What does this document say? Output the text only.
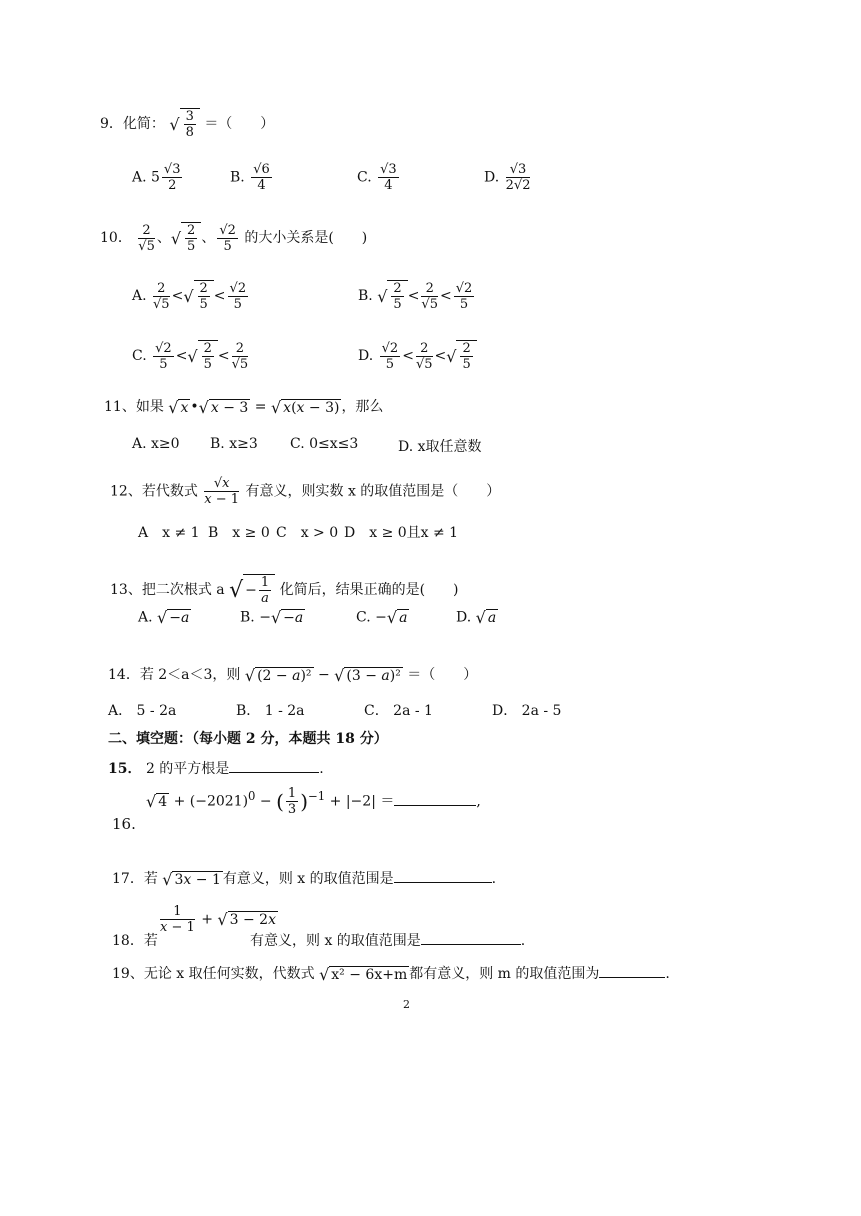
9．化简： √ $\frac{3}{8}$ ＝（　　）
A. $5 \frac{√3}{2}$	B. $\frac{√6}{4}$	C. $\frac{√3}{4}$	D. $\frac{√3}{2√2}$
10． $\frac{2}{√5}$ 、√ $\frac{2}{5}$ 、 $\frac{√2}{5}$ 的大小关系是(　　)
A. $\frac{2}{√5}$ <√ $\frac{2}{5} < \frac{√2}{5}$	B. √ $\frac{2}{5} < \frac{2}{√5} < \frac{√2}{5}$
C. $\frac{√2}{5}$ <√ $\frac{2}{5} < \frac{2}{√5}$	D. $\frac{√2}{5} < \frac{2}{√5}$ <√ $\frac{2}{5}$
11、如果 √ x •√ x − 3 = √ x(x − 3) ，那么
A. x≥0 B. x≥3 C. 0≤x≤3	D. x取任意数
12、若代数式 $\frac{√x}{x - 1}$ 有意义，则实数 x 的取值范围是（　　）
A　x ≠ 1 B　x ≥ 0 C　x > 0 D　x ≥ 0且x ≠ 1
13、把二次根式 a √ − $\frac{1}{a}$ 化简后，结果正确的是(　　)
A. √ −a	B. −√ −a	C. −√ a	D. √ a
14．若 2＜a＜3，则 √ (2 − a)² − √ (3 − a)² ＝（　　）
A． 5 - 2a	B． 1 - 2a	C． 2a - 1	D． 2a - 5
二、填空题：（每小题 2 分，本题共 18 分）
15． 2 的平方根是	.
√ $4 + (-2021)^0$ − ( $\frac{1}{3} )^{-1} + |-2|$ ＝	,
16.
17．若 √ 3x − 1 有意义，则 x 的取值范围是	.
$\frac{1}{x - 1}$ + √ 3 − 2x
18．若	有意义，则 x 的取值范围是	.
19、无论 x 取任何实数，代数式 √ x² − 6x+m 都有意义，则 m 的取值范围为	.
2
